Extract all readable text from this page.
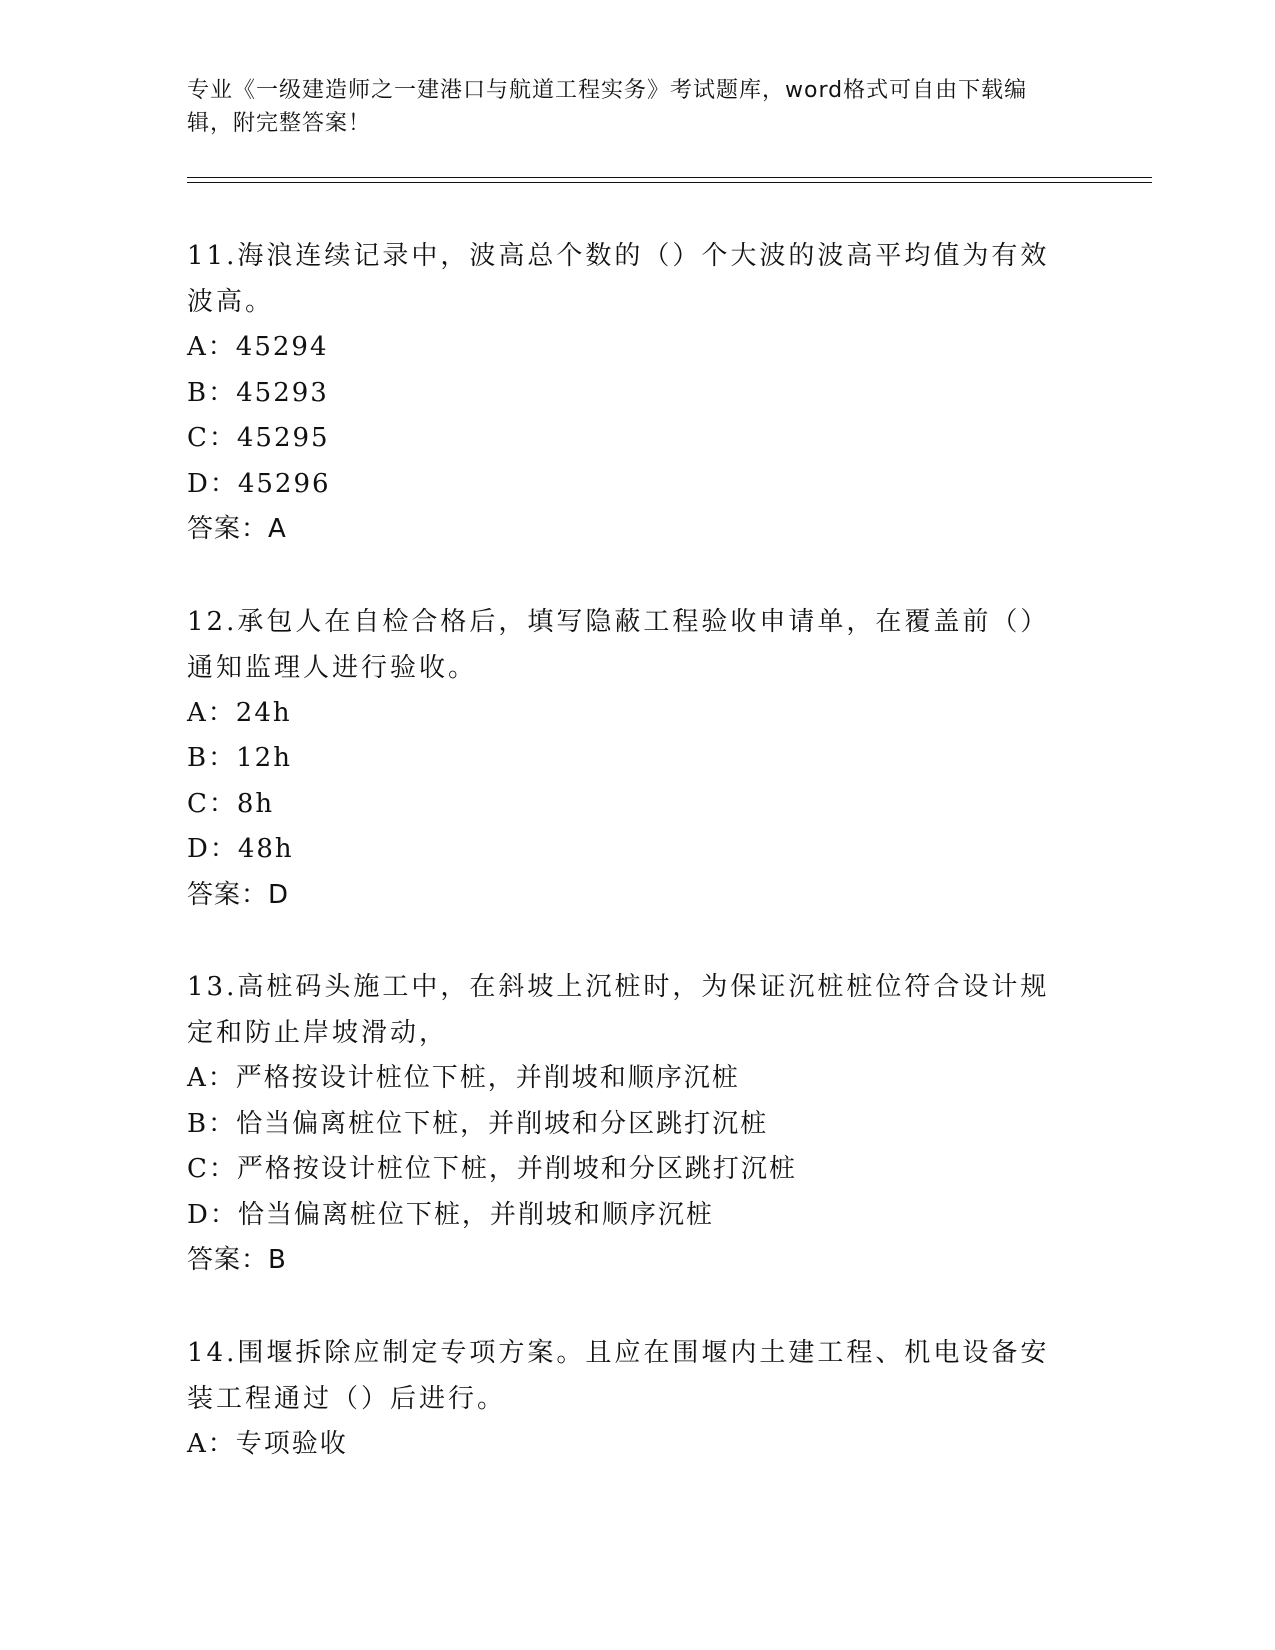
专业《一级建造师之一建港口与航道工程实务》考试题库，word格式可自由下载编辑，附完整答案！

11.海浪连续记录中，波高总个数的（）个大波的波高平均值为有效波高。

A：45294

B：45293

C：45295

D：45296

答案：A

12.承包人在自检合格后，填写隐蔽工程验收申请单，在覆盖前（）通知监理人进行验收。

A：24h

B：12h

C：8h

D：48h

答案：D

13.高桩码头施工中，在斜坡上沉桩时，为保证沉桩桩位符合设计规定和防止岸坡滑动，

A：严格按设计桩位下桩，并削坡和顺序沉桩

B：恰当偏离桩位下桩，并削坡和分区跳打沉桩

C：严格按设计桩位下桩，并削坡和分区跳打沉桩

D：恰当偏离桩位下桩，并削坡和顺序沉桩

答案：B

14.围堰拆除应制定专项方案。且应在围堰内土建工程、机电设备安装工程通过（）后进行。

A：专项验收
